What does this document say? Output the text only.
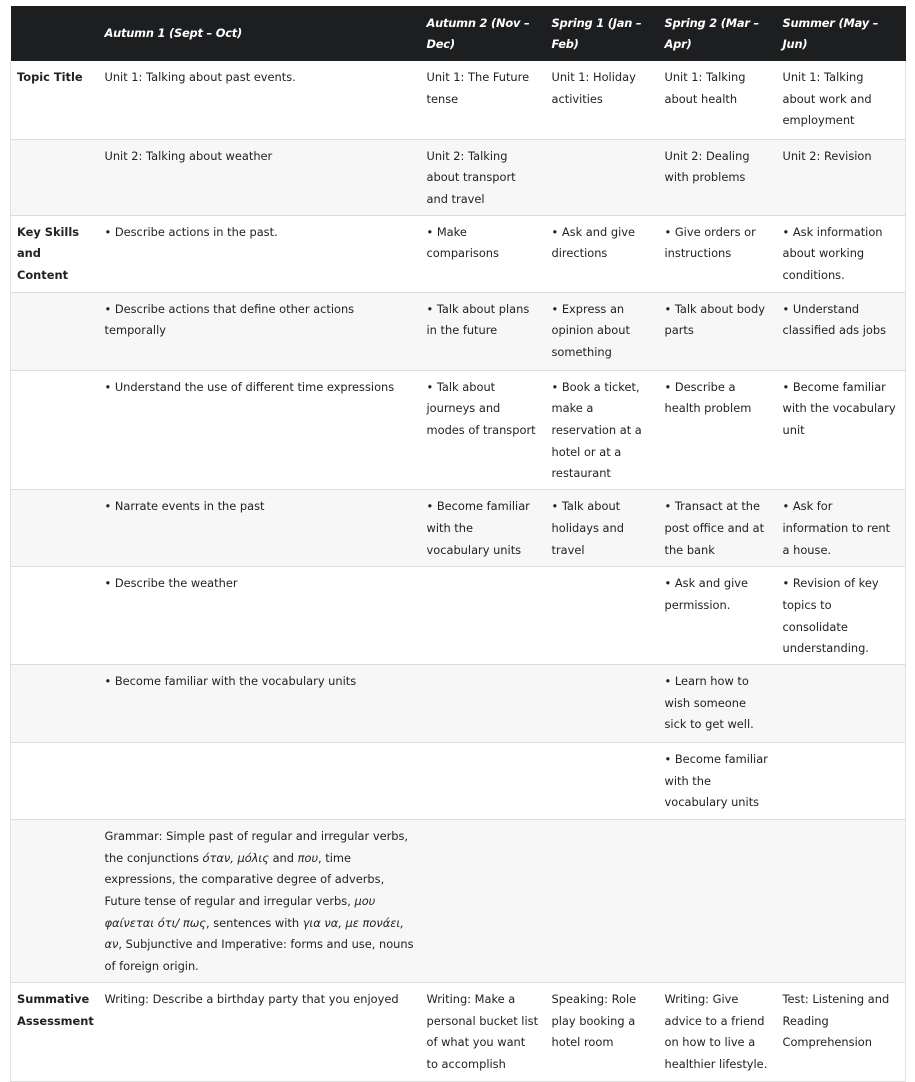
	Autumn 1 (Sept – Oct)	Autumn 2 (Nov – Dec)	Spring 1 (Jan – Feb)	Spring 2 (Mar – Apr)	Summer (May – Jun)
Topic Title	Unit 1: Talking about past events.	Unit 1: The Future tense	Unit 1: Holiday activities	Unit 1: Talking about health	Unit 1: Talking about work and employment
	Unit 2: Talking about weather	Unit 2: Talking about transport and travel		Unit 2: Dealing with problems	Unit 2: Revision
Key Skills and Content	• Describe actions in the past.	• Make comparisons	• Ask and give directions	• Give orders or instructions	• Ask information about working conditions.
	• Describe actions that define other actions temporally	• Talk about plans in the future	• Express an opinion about something	• Talk about body parts	• Understand classified ads jobs
	• Understand the use of different time expressions	• Talk about journeys and modes of transport	• Book a ticket, make a reservation at a hotel or at a restaurant	• Describe a health problem	• Become familiar with the vocabulary unit
	• Narrate events in the past	• Become familiar with the vocabulary units	• Talk about holidays and travel	• Transact at the post office and at the bank	• Ask for information to rent a house.
	• Describe the weather			• Ask and give permission.	• Revision of key topics to consolidate understanding.
	• Become familiar with the vocabulary units			• Learn how to wish someone sick to get well.	
				• Become familiar with the vocabulary units	
	Grammar: Simple past of regular and irregular verbs, the conjunctions όταν, μόλις and που, time expressions, the comparative degree of adverbs, Future tense of regular and irregular verbs, μου φαίνεται ότι/ πως, sentences with για να, με πονάει, αν, Subjunctive and Imperative: forms and use, nouns of foreign origin.				
Summative Assessment	Writing: Describe a birthday party that you enjoyed	Writing: Make a personal bucket list of what you want to accomplish	Speaking: Role play booking a hotel room	Writing: Give advice to a friend on how to live a healthier lifestyle.	Test: Listening and Reading Comprehension
